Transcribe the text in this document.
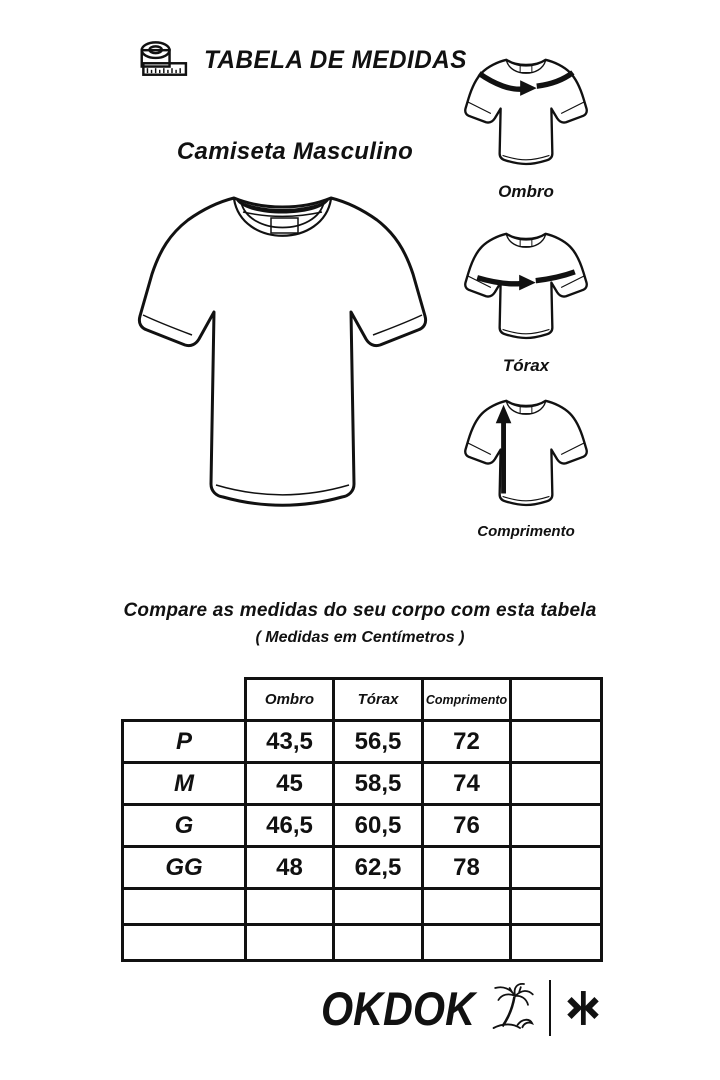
TABELA DE MEDIDAS
Camiseta Masculino
Ombro
Tórax
Comprimento

Compare as medidas do seu corpo com esta tabela

( Medidas em Centímetros )

	Ombro	Tórax	Comprimento	
P	43,5	56,5	72	
M	45	58,5	74	
G	46,5	60,5	76	
GG	48	62,5	78	

OKDOK
